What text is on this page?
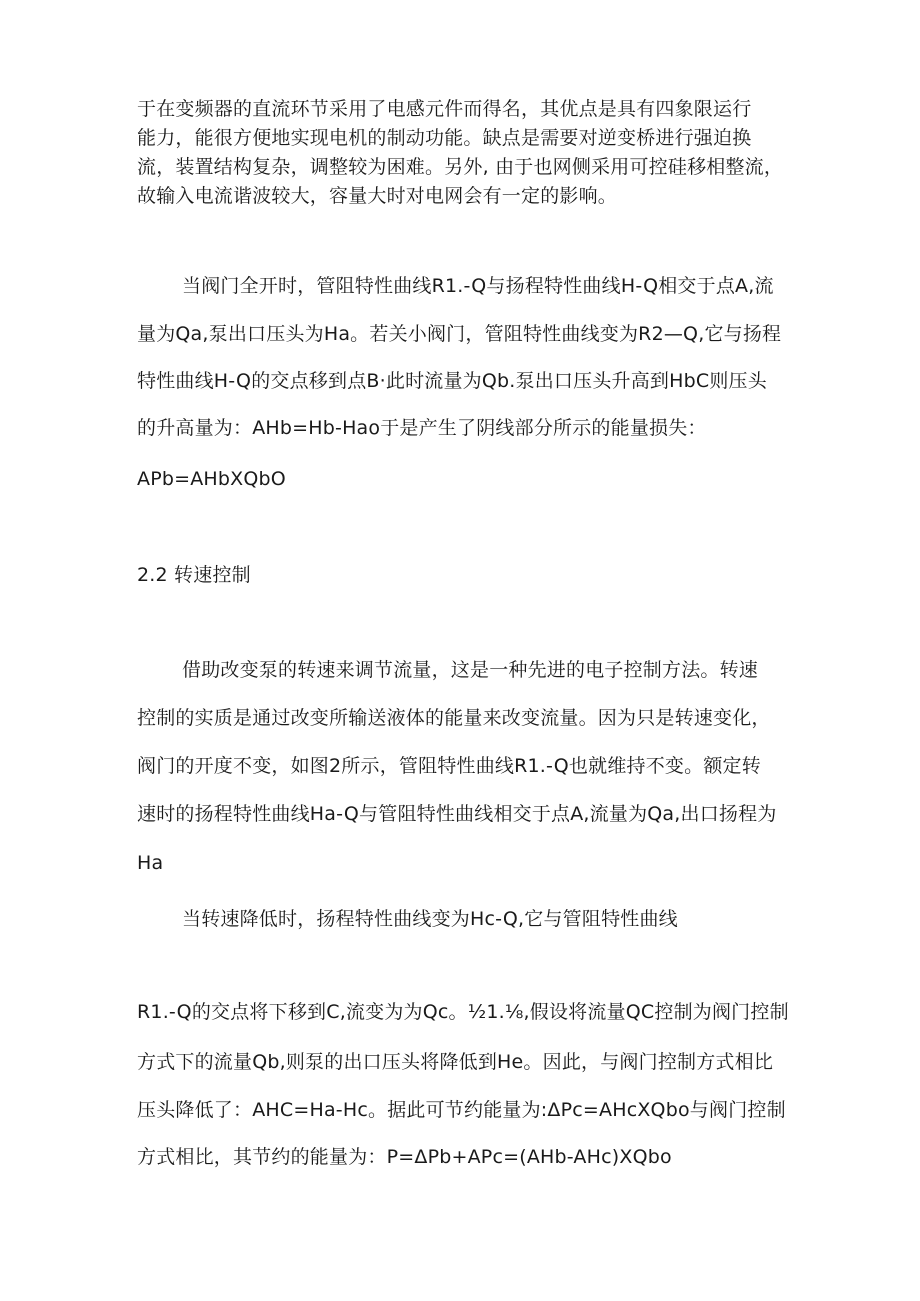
于在变频器的直流环节采用了电感元件而得名，其优点是具有四象限运行
能力，能很方便地实现电机的制动功能。缺点是需要对逆变桥进行强迫换
流，装置结构复杂，调整较为困难。另外, 由于也网侧采用可控硅移相整流，
故输入电流谐波较大，容量大时对电网会有一定的影响。
当阀门全开时，管阻特性曲线R1.-Q与扬程特性曲线H-Q相交于点A,流
量为Qa,泵出口压头为Ha。若关小阀门，管阻特性曲线变为R2—Q,它与扬程
特性曲线H-Q的交点移到点B·此时流量为Qb.泵出口压头升高到HbC则压头
的升高量为：AHb=Hb-Haο于是产生了阴线部分所示的能量损失：
APb=AHbXQbO
2.2 转速控制
借助改变泵的转速来调节流量，这是一种先进的电子控制方法。转速
控制的实质是通过改变所输送液体的能量来改变流量。因为只是转速变化，
阀门的开度不变，如图2所示，管阻特性曲线R1.-Q也就维持不变。额定转
速时的扬程特性曲线Ha-Q与管阻特性曲线相交于点A,流量为Qa,出口扬程为
Ha
当转速降低时，扬程特性曲线变为Hc-Q,它与管阻特性曲线
R1.-Q的交点将下移到C,流变为为Qc。½1.⅛,假设将流量QC控制为阀门控制
方式下的流量Qb,则泵的出口压头将降低到He。因此，与阀门控制方式相比
压头降低了：AHC=Ha-Hc。据此可节约能量为:ΔPc=AHcXQbo与阀门控制
方式相比，其节约的能量为：P=ΔPb+APc=(AHb-AHc)XQbo
